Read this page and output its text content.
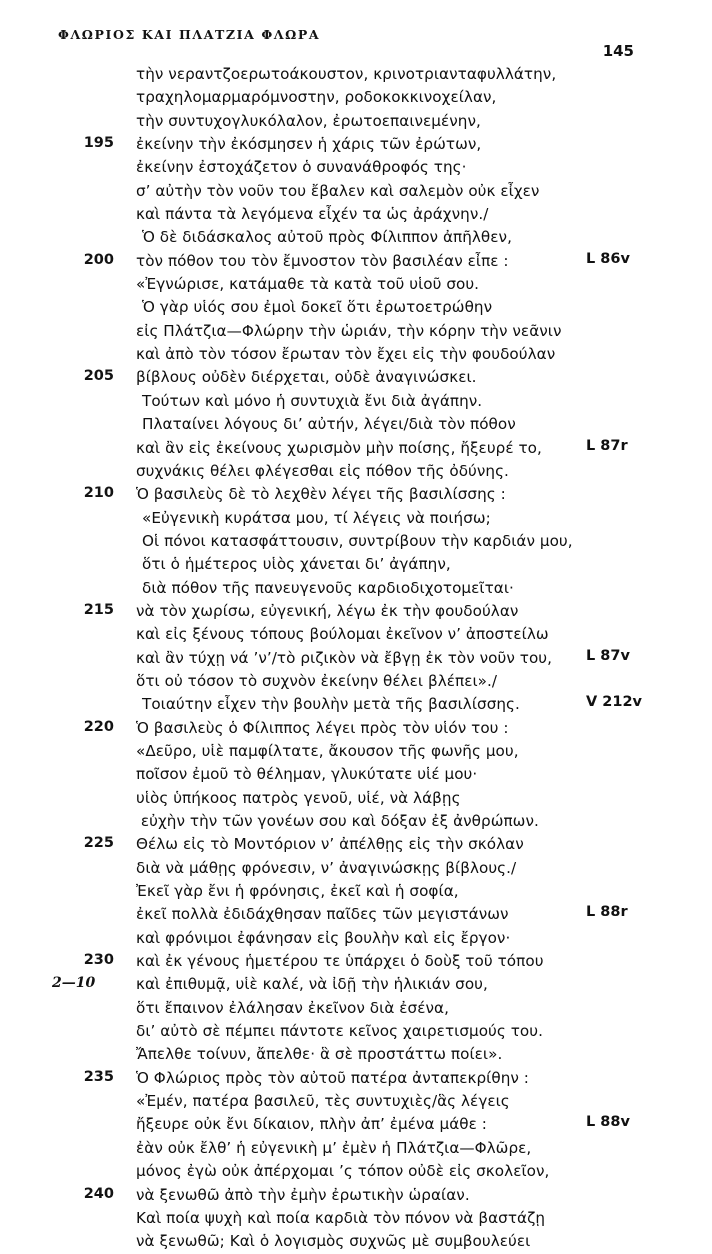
ΦΛΩΡΙΟΣ ΚΑΙ ΠΛΑΤΖΙΑ ΦΛΩΡΑ
145
τὴν νεραντζοερωτοάκουστον, κρινοτριανταφυλλάτην,
τραχηλομαρμαρόμνοστην, ροδοκοκκινοχείλαν,
τὴν συντυχογλυκόλαλον, ἐρωτοεπαινεμένην,
195 ἐκείνην τὴν ἐκόσμησεν ἡ χάρις τῶν ἐρώτων,
ἐκείνην ἐστοχάζετον ὁ συνανάθροφός της·
σ’ αὐτὴν τὸν νοῦν του ἔβαλεν καὶ σαλεμὸν οὐκ εἶχεν
καὶ πάντα τὰ λεγόμενα εἶχέν τα ὡς ἀράχνην./
Ὁ δὲ διδάσκαλος αὐτοῦ πρὸς Φίλιππον ἀπῆλθεν,
200 τὸν πόθον του τὸν ἔμνοστον τὸν βασιλέαν εἶπε :	L 86v
«Ἐγνώρισε, κατάμαθε τὰ κατὰ τοῦ υἱοῦ σου.
Ὁ γὰρ υἱός σου ἐμοὶ δοκεῖ ὅτι ἐρωτοετρώθην
εἰς Πλάτζια—Φλώρην τὴν ὡριάν, τὴν κόρην τὴν νεᾶνιν
καὶ ἀπὸ τὸν τόσον ἔρωταν τὸν ἔχει εἰς τὴν φουδούλαν
205 βίβλους οὐδὲν διέρχεται, οὐδὲ ἀναγινώσκει.
Τούτων καὶ μόνο ἡ συντυχιὰ ἔνι διὰ ἀγάπην.
Πλαταίνει λόγους δι’ αὐτήν, λέγει/διὰ τὸν πόθον
καὶ ἂν εἰς ἐκείνους χωρισμὸν μὴν ποίσης, ἤξευρέ το,	L 87r
συχνάκις θέλει φλέγεσθαι εἰς πόθον τῆς ὀδύνης.
210 Ὁ βασιλεὺς δὲ τὸ λεχθὲν λέγει τῆς βασιλίσσης :
«Εὐγενικὴ κυράτσα μου, τί λέγεις νὰ ποιήσω;
Οἱ πόνοι κατασφάττουσιν, συντρίβουν τὴν καρδιάν μου,
ὅτι ὁ ἡμέτερος υἱὸς χάνεται δι’ ἀγάπην,
διὰ πόθον τῆς πανευγενοῦς καρδιοδιχοτομεῖται·
215 νὰ τὸν χωρίσω, εὐγενική, λέγω ἐκ τὴν φουδούλαν
καὶ εἰς ξένους τόπους βούλομαι ἐκεῖνον ν’ ἀποστείλω
καὶ ἂν τύχῃ νά ’ν’/τὸ ριζικὸν νὰ ἔβγῃ ἐκ τὸν νοῦν του, L 87v
ὅτι οὐ τόσον τὸ συχνὸν ἐκείνην θέλει βλέπει»./
Τοιαύτην εἶχεν τὴν βουλὴν μετὰ τῆς βασιλίσσης.	V 212v
220 Ὁ βασιλεὺς ὁ Φίλιππος λέγει πρὸς τὸν υἱόν του :
«Δεῦρο, υἱὲ παμφίλτατε, ἄκουσον τῆς φωνῆς μου,
ποῖσον ἐμοῦ τὸ θέλημαν, γλυκύτατε υἱέ μου·
υἱὸς ὑπήκοος πατρὸς γενοῦ, υἱέ, νὰ λάβῃς
εὐχὴν τὴν τῶν γονέων σου καὶ δόξαν ἐξ ἀνθρώπων.
225 Θέλω εἰς τὸ Μοντόριον ν’ ἀπέλθῃς εἰς τὴν σκόλαν
διὰ νὰ μάθῃς φρόνεσιν, ν’ ἀναγινώσκῃς βίβλους./
Ἐκεῖ γὰρ ἔνι ἡ φρόνησις, ἐκεῖ καὶ ἡ σοφία,
ἐκεῖ πολλὰ ἐδιδάχθησαν παῖδες τῶν μεγιστάνων	L 88r
καὶ φρόνιμοι ἐφάνησαν εἰς βουλὴν καὶ εἰς ἔργον·
230 καὶ ἐκ γένους ἡμετέρου τε ὑπάρχει ὁ δοὺξ τοῦ τόπου
καὶ ἐπιθυμᾷ, υἱὲ καλέ, νὰ ἰδῇ τὴν ἡλικιάν σου,
ὅτι ἔπαινον ἐλάλησαν ἐκεῖνον διὰ ἐσένα,
δι’ αὐτὸ σὲ πέμπει πάντοτε κεῖνος χαιρετισμούς του.
Ἄπελθε τοίνυν, ἄπελθε· ἃ σὲ προστάττω ποίει».
235 Ὁ Φλώριος πρὸς τὸν αὐτοῦ πατέρα ἀνταπεκρίθην :
«Ἐμέν, πατέρα βασιλεῦ, τὲς συντυχιὲς/ἃς λέγεις
ἤξευρε οὐκ ἔνι δίκαιον, πλὴν ἀπ’ ἐμένα μάθε :	L 88v
ἐὰν οὐκ ἔλθ’ ἡ εὐγενικὴ μ’ ἐμὲν ἡ Πλάτζια—Φλῶρε,
μόνος ἐγὼ οὐκ ἀπέρχομαι ’ς τόπον οὐδὲ εἰς σκολεῖον,
240 νὰ ξενωθῶ ἀπὸ τὴν ἐμὴν ἐρωτικὴν ὡραίαν.
Καὶ ποία ψυχὴ καὶ ποία καρδιὰ τὸν πόνον νὰ βαστάζῃ
νὰ ξενωθῶ; Καὶ ὁ λογισμὸς συχνῶς μὲ συμβουλεύει
2—10
